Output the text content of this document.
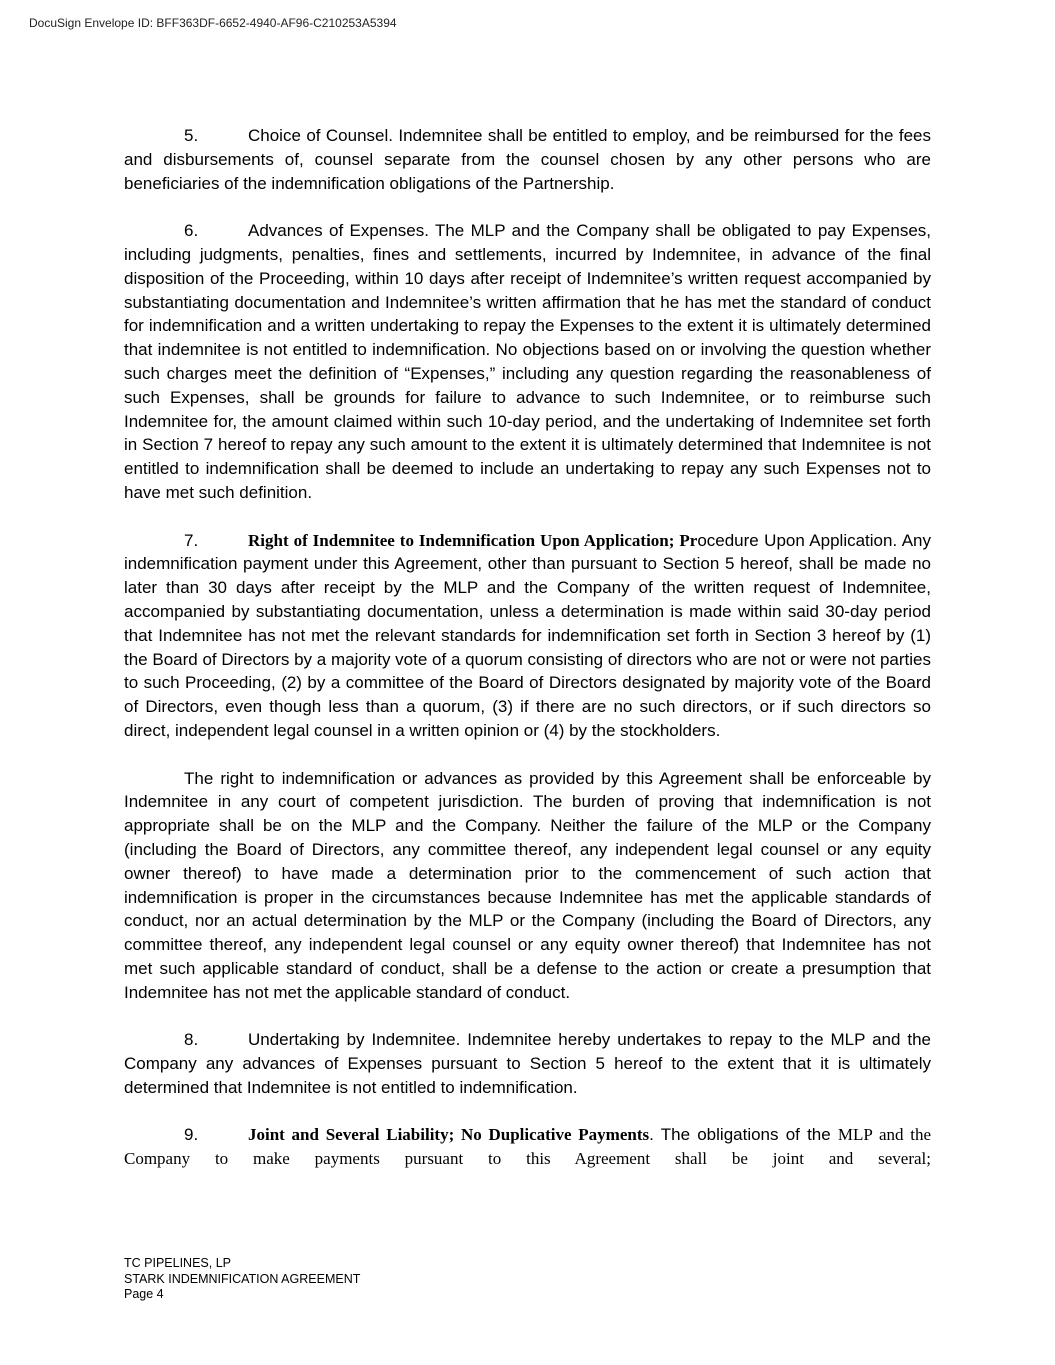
DocuSign Envelope ID: BFF363DF-6652-4940-AF96-C210253A5394

5.	Choice of Counsel. Indemnitee shall be entitled to employ, and be reimbursed for the fees and disbursements of, counsel separate from the counsel chosen by any other persons who are beneficiaries of the indemnification obligations of the Partnership.

6.	Advances of Expenses. The MLP and the Company shall be obligated to pay Expenses, including judgments, penalties, fines and settlements, incurred by Indemnitee, in advance of the final disposition of the Proceeding, within 10 days after receipt of Indemnitee’s written request accompanied by substantiating documentation and Indemnitee’s written affirmation that he has met the standard of conduct for indemnification and a written undertaking to repay the Expenses to the extent it is ultimately determined that indemnitee is not entitled to indemnification. No objections based on or involving the question whether such charges meet the definition of “Expenses,” including any question regarding the reasonableness of such Expenses, shall be grounds for failure to advance to such Indemnitee, or to reimburse such Indemnitee for, the amount claimed within such 10-day period, and the undertaking of Indemnitee set forth in Section 7 hereof to repay any such amount to the extent it is ultimately determined that Indemnitee is not entitled to indemnification shall be deemed to include an undertaking to repay any such Expenses not to have met such definition.

7.	Right of Indemnitee to Indemnification Upon Application; Procedure Upon Application. Any indemnification payment under this Agreement, other than pursuant to Section 5 hereof, shall be made no later than 30 days after receipt by the MLP and the Company of the written request of Indemnitee, accompanied by substantiating documentation, unless a determination is made within said 30-day period that Indemnitee has not met the relevant standards for indemnification set forth in Section 3 hereof by (1) the Board of Directors by a majority vote of a quorum consisting of directors who are not or were not parties to such Proceeding, (2) by a committee of the Board of Directors designated by majority vote of the Board of Directors, even though less than a quorum, (3) if there are no such directors, or if such directors so direct, independent legal counsel in a written opinion or (4) by the stockholders.

The right to indemnification or advances as provided by this Agreement shall be enforceable by Indemnitee in any court of competent jurisdiction. The burden of proving that indemnification is not appropriate shall be on the MLP and the Company. Neither the failure of the MLP or the Company (including the Board of Directors, any committee thereof, any independent legal counsel or any equity owner thereof) to have made a determination prior to the commencement of such action that indemnification is proper in the circumstances because Indemnitee has met the applicable standards of conduct, nor an actual determination by the MLP or the Company (including the Board of Directors, any committee thereof, any independent legal counsel or any equity owner thereof) that Indemnitee has not met such applicable standard of conduct, shall be a defense to the action or create a presumption that Indemnitee has not met the applicable standard of conduct.

8.	Undertaking by Indemnitee. Indemnitee hereby undertakes to repay to the MLP and the Company any advances of Expenses pursuant to Section 5 hereof to the extent that it is ultimately determined that Indemnitee is not entitled to indemnification.

9.	Joint and Several Liability; No Duplicative Payments. The obligations of the MLP and the Company to make payments pursuant to this Agreement shall be joint and several;

TC PIPELINES, LP
STARK INDEMNIFICATION AGREEMENT
Page 4
